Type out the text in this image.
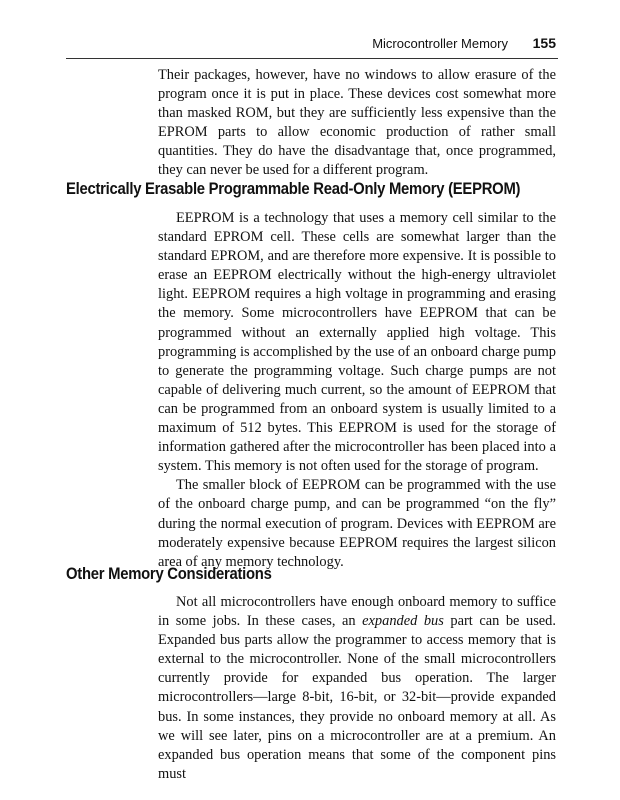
Microcontroller Memory 155

Their packages, however, have no windows to allow erasure of the program once it is put in place. These devices cost somewhat more than masked ROM, but they are sufficiently less expensive than the EPROM parts to allow economic production of rather small quantities. They do have the disadvantage that, once programmed, they can never be used for a different program.

Electrically Erasable Programmable Read-Only Memory (EEPROM)

EEPROM is a technology that uses a memory cell similar to the standard EPROM cell. These cells are somewhat larger than the standard EPROM, and are therefore more expensive. It is possible to erase an EEPROM electrically without the high-energy ultraviolet light. EEPROM requires a high voltage in programming and erasing the memory. Some microcontrollers have EEPROM that can be programmed without an externally applied high voltage. This programming is accomplished by the use of an onboard charge pump to generate the programming voltage. Such charge pumps are not capable of delivering much current, so the amount of EEPROM that can be programmed from an onboard system is usually limited to a maximum of 512 bytes. This EEPROM is used for the storage of information gathered after the microcontroller has been placed into a system. This memory is not often used for the storage of program.

The smaller block of EEPROM can be programmed with the use of the onboard charge pump, and can be programmed “on the fly” during the normal execution of program. Devices with EEPROM are moderately expensive because EEPROM requires the largest silicon area of any memory technology.

Other Memory Considerations

Not all microcontrollers have enough onboard memory to suffice in some jobs. In these cases, an expanded bus part can be used. Expanded bus parts allow the programmer to access memory that is external to the microcontroller. None of the small microcontrollers currently provide for expanded bus operation. The larger microcontrollers—large 8-bit, 16-bit, or 32-bit—provide expanded bus. In some instances, they provide no onboard memory at all. As we will see later, pins on a microcontroller are at a premium. An expanded bus operation means that some of the component pins must
